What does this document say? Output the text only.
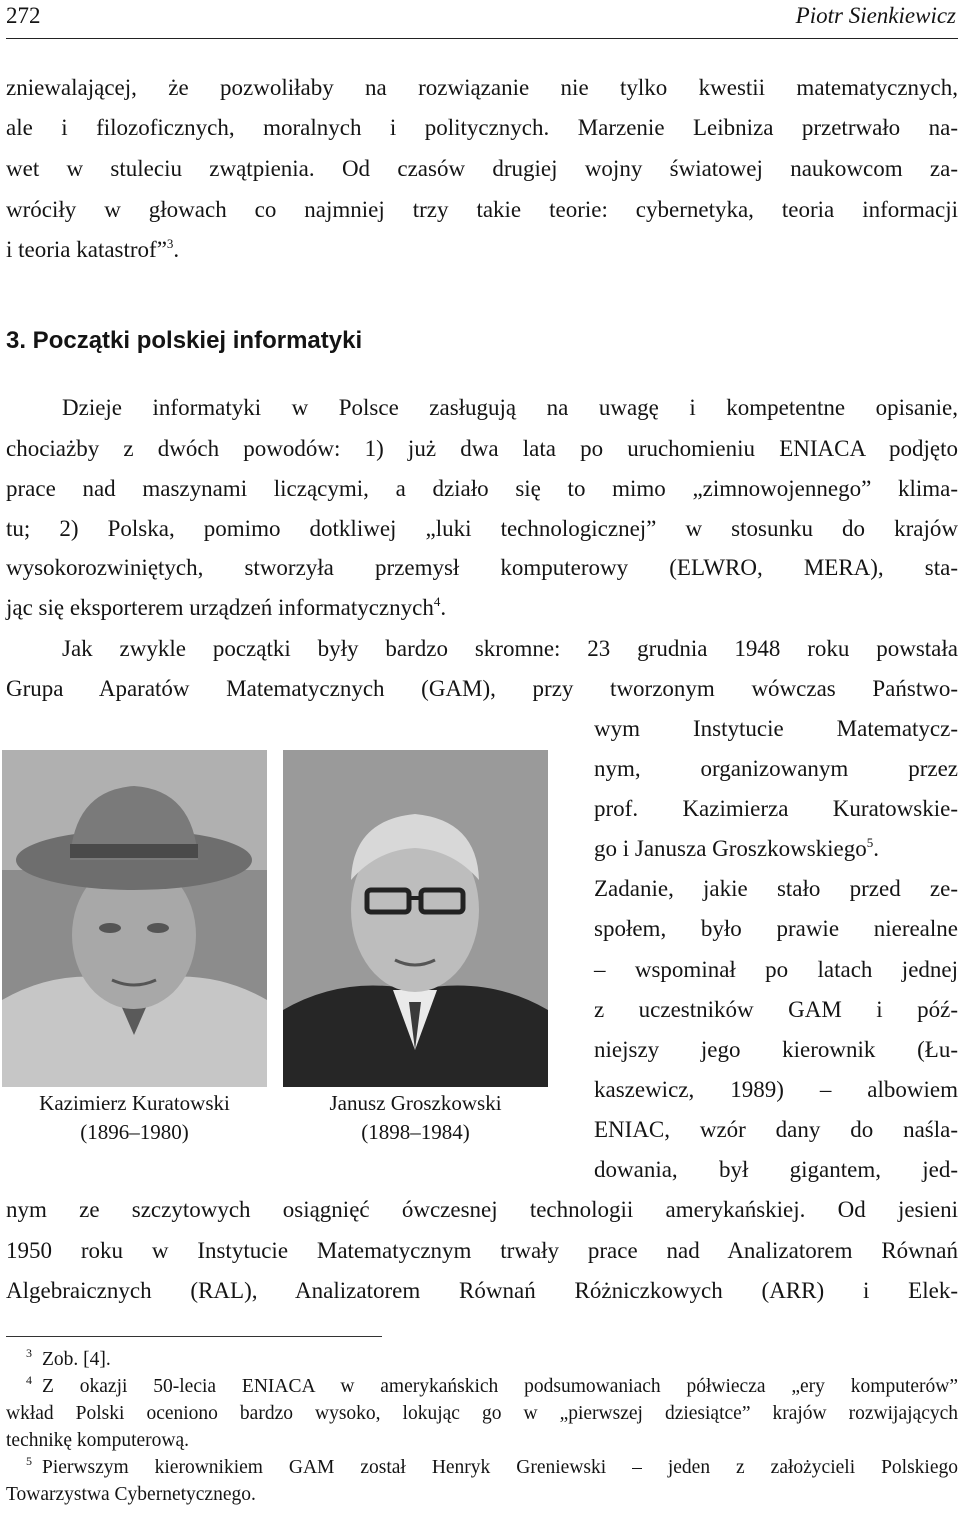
272	Piotr Sienkiewicz
zniewalającej, że pozwoliłaby na rozwiązanie nie tylko kwestii matematycznych,
ale i filozoficznych, moralnych i politycznych. Marzenie Leibniza przetrwało na-
wet w stuleciu zwątpienia. Od czasów drugiej wojny światowej naukowcom za-
wróciły w głowach co najmniej trzy takie teorie: cybernetyka, teoria informacji
i teoria katastrof”$^3$.
3. Początki polskiej informatyki
Dzieje informatyki w Polsce zasługują na uwagę i kompetentne opisanie,
chociażby z dwóch powodów: 1) już dwa lata po uruchomieniu ENIACA podjęto
prace nad maszynami liczącymi, a działo się to mimo „zimnowojennego” klima-
tu; 2) Polska, pomimo dotkliwej „luki technologicznej” w stosunku do krajów
wysokorozwiniętych, stworzyła przemysł komputerowy (ELWRO, MERA), sta-
jąc się eksporterem urządzeń informatycznych$^4$.
Jak zwykle początki były bardzo skromne: 23 grudnia 1948 roku powstała
Grupa Aparatów Matematycznych (GAM), przy tworzonym wówczas Państwo-
wym Instytucie Matematycz-
nym, organizowanym przez
prof. Kazimierza Kuratowskie-
go i Janusza Groszkowskiego$^5$.
Zadanie, jakie stało przed ze-
społem, było prawie nierealne
– wspominał po latach jednej
z uczestników GAM i póź-
niejszy jego kierownik (Łu-
kaszewicz, 1989) – albowiem
ENIAC, wzór dany do naśla-
dowania, był gigantem, jed-
nym ze szczytowych osiągnięć ówczesnej technologii amerykańskiej. Od jesieni
1950 roku w Instytucie Matematycznym trwały prace nad Analizatorem Równań
Algebraicznych (RAL), Analizatorem Równań Różniczkowych (ARR) i Elek-
Kazimierz Kuratowski
(1896–1980)
Janusz Groszkowski
(1898–1984)
$^3$ Zob. [4].
$^4$ Z okazji 50-lecia ENIACA w amerykańskich podsumowaniach półwiecza „ery komputerów”
wkład Polski oceniono bardzo wysoko, lokując go w „pierwszej dziesiątce” krajów rozwijających
technikę komputerową.
$^5$ Pierwszym kierownikiem GAM został Henryk Greniewski – jeden z założycieli Polskiego
Towarzystwa Cybernetycznego.
